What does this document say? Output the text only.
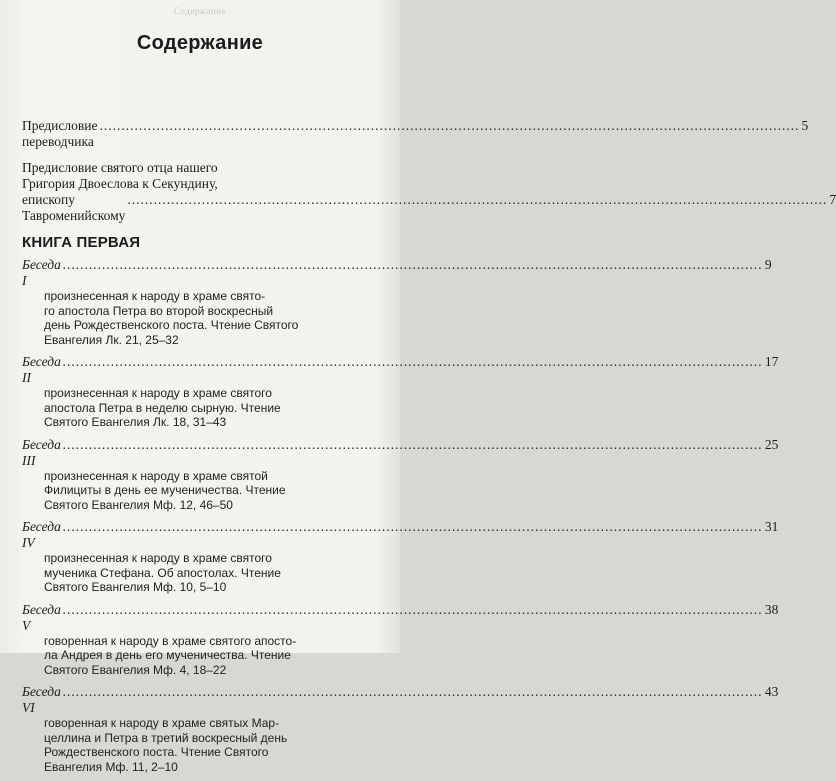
Содержание
Содержание
Предисловие переводчика
.....
5
Предисловие святого отца нашего
Григория Двоеслова к Секундину,
епископу Тавроменийскому
.....
7
КНИГА ПЕРВАЯ
Беседа I
.....
9
произнесенная к народу в храме свято-
го апостола Петра во второй воскресный
день Рождественского поста. Чтение Святого
Евангелия Лк. 21, 25–32
Беседа II
.....
17
произнесенная к народу в храме святого
апостола Петра в неделю сырную. Чтение
Святого Евангелия Лк. 18, 31–43
Беседа III
.....
25
произнесенная к народу в храме святой
Филициты в день ее мученичества. Чтение
Святого Евангелия Мф. 12, 46–50
Беседа IV
.....
31
произнесенная к народу в храме святого
мученика Стефана. Об апостолах. Чтение
Святого Евангелия Мф. 10, 5–10
Беседа V
.....
38
говоренная к народу в храме святого апосто-
ла Андрея в день его мученичества. Чтение
Святого Евангелия Мф. 4, 18–22
Беседа VI
.....
43
говоренная к народу в храме святых Мар-
целлина и Петра в третий воскресный день
Рождественского поста. Чтение Святого
Евангелия Мф. 11, 2–10
